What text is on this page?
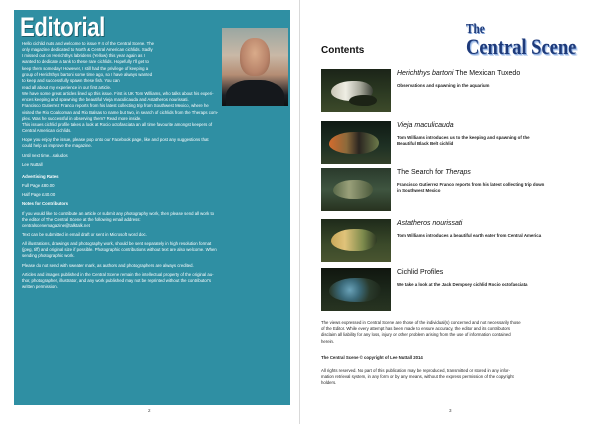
Editorial

Hello cichlid nuts and welcome to issue # 4 of the Central Scene. The

only magazine dedicated to North & Central American cichlids. Sadly

I missed out on Herichthys labridens (Yellow) this year again as I

wanted to dedicate a tank to these rare cichlids. Hopefully I'll get to

keep them someday! However, I still had the privilege of keeping a

group of Herichthys bartoni some time ago, so I have always wanted

to keep and successfully spawn these fish. You can

read all about my experience in our first article.

We have some great articles lined up this issue. First is UK Tom Williams, who talks about his experi-

ences keeping and spawning the beautiful Vieja maculicauda and Astatheros nourissati.

Francisco Gutierrez Franco reports from his latest collecting trip from Southwest Mexico, where he

visited the Rio Coalcoman and Rio Balsas to name but two, in search of cichlids from the Theraps com-

plex. Was he successful in observing them? Read more inside.

This issues cichlid profile takes a look at Rocio octofasciata an all time favourite amongst keepers of

Central American cichlids.

Hope you enjoy the issue, please pop onto our Facebook page, like and post any suggestions that

could help us improve the magazine.

Until next time...saludos

Lee Nuttall

Advertising Rates

Full Page £80.00

Half Page £40.00

Notes for Contributors

If you would like to contribute an article or submit any photography work, then please send all work to

the editor of The Central Scene at the following email address:

centralscenemagazine@talktalk.net

Text can be submitted in email draft or sent in Microsoft word doc.

All illustrations, drawings and photography work, should be sent separately in high resolution format

(jpeg, tiff) and original size if possible. Photographic contributions without text are also welcome. When

sending photographic work.

Please do not send with sweater mark, as authors and photographers are always credited.

Articles and images published in the Central Scene remain the intellectual property of the original au-

thor, photographer, illustrator, and any work published may not be reprinted without the contributor's

written permission.

2
The
Central Scene
Contents
Herichthys bartoni The Mexican Tuxedo
Observations and spawning in the aquarium
Vieja maculicauda
Tom Williams introduces us to the keeping and spawning of the Beautiful Black Belt cichlid
The Search for Theraps
Francisco Gutierrez Franco reports from his latest collecting trip down in Southwest Mexico
Astatheros nourissati
Tom Williams introduces a beautiful earth eater from Central America
Cichlid Profiles
We take a look at the Jack Dempsey cichlid Rocio octofasciata

The views expressed in Central Scene are those of the individual(s) concerned and not necessarily those

of the Editor. While every attempt has been made to ensure accuracy, the editor and its contributors

disclaim all liability for any loss, injury or other problem arising from the use of information contained

herein.

The Central Scene © copyright of Lee Nuttall 2014

All rights reserved. No part of this publication may be reproduced, transmitted or stored in any infor-

mation retrieval system, in any form or by any means, without the express permission of the copyright

holders.

3
